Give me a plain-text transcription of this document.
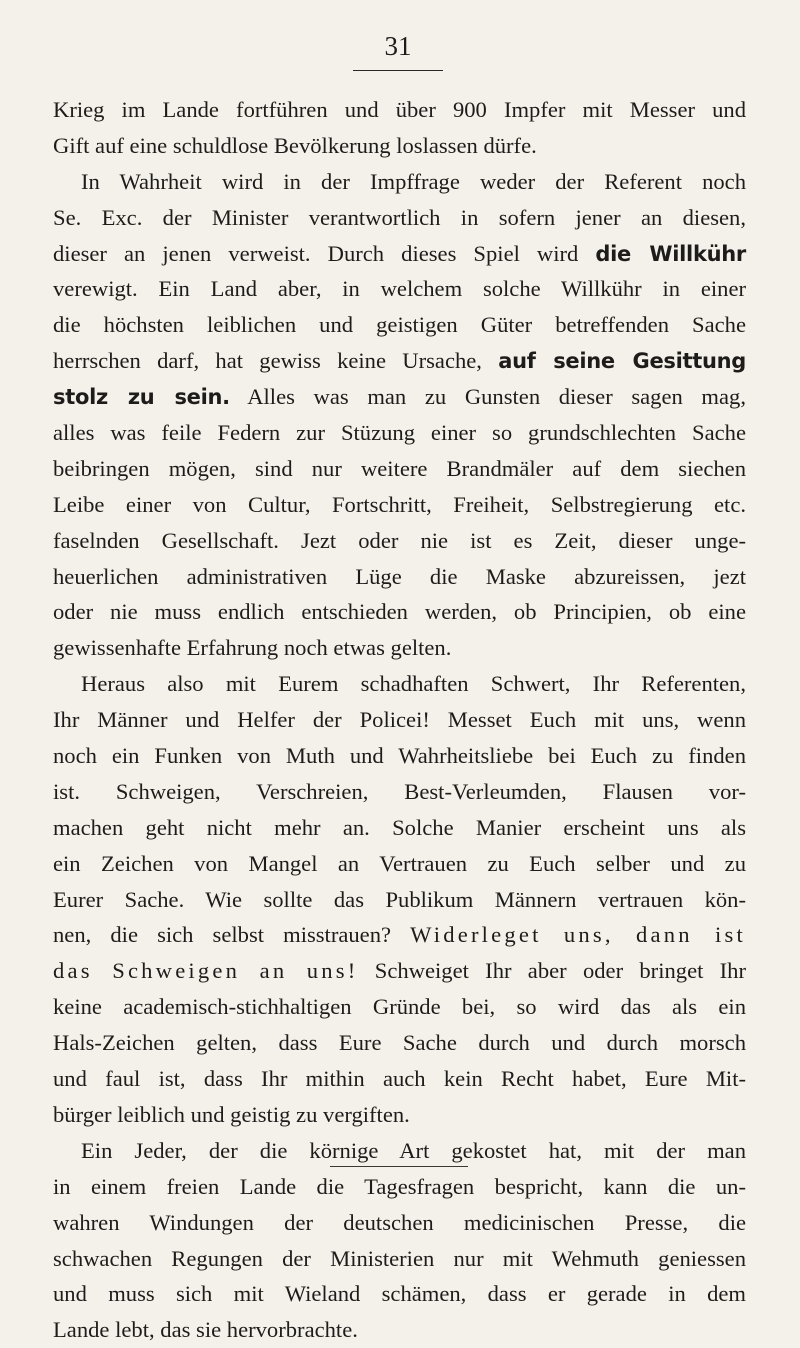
31
Krieg im Lande fortführen und über 900 Impfer mit Messer und
Gift auf eine schuldlose Bevölkerung loslassen dürfe.
In Wahrheit wird in der Impffrage weder der Referent noch
Se. Exc. der Minister verantwortlich in sofern jener an diesen,
dieser an jenen verweist. Durch dieses Spiel wird die Willkühr
verewigt. Ein Land aber, in welchem solche Willkühr in einer
die höchsten leiblichen und geistigen Güter betreffenden Sache
herrschen darf, hat gewiss keine Ursache, auf seine Gesittung
stolz zu sein. Alles was man zu Gunsten dieser sagen mag,
alles was feile Federn zur Stüzung einer so grundschlechten Sache
beibringen mögen, sind nur weitere Brandmäler auf dem siechen
Leibe einer von Cultur, Fortschritt, Freiheit, Selbstregierung etc.
faselnden Gesellschaft. Jezt oder nie ist es Zeit, dieser unge-
heuerlichen administrativen Lüge die Maske abzureissen, jezt
oder nie muss endlich entschieden werden, ob Principien, ob eine
gewissenhafte Erfahrung noch etwas gelten.
Heraus also mit Eurem schadhaften Schwert, Ihr Referenten,
Ihr Männer und Helfer der Policei! Messet Euch mit uns, wenn
noch ein Funken von Muth und Wahrheitsliebe bei Euch zu finden
ist. Schweigen, Verschreien, Best-Verleumden, Flausen vor-
machen geht nicht mehr an. Solche Manier erscheint uns als
ein Zeichen von Mangel an Vertrauen zu Euch selber und zu
Eurer Sache. Wie sollte das Publikum Männern vertrauen kön-
nen, die sich selbst misstrauen? Widerleget uns, dann ist
das Schweigen an uns! Schweiget Ihr aber oder bringet Ihr
keine academisch-stichhaltigen Gründe bei, so wird das als ein
Hals-Zeichen gelten, dass Eure Sache durch und durch morsch
und faul ist, dass Ihr mithin auch kein Recht habet, Eure Mit-
bürger leiblich und geistig zu vergiften.
Ein Jeder, der die körnige Art gekostet hat, mit der man
in einem freien Lande die Tagesfragen bespricht, kann die un-
wahren Windungen der deutschen medicinischen Presse, die
schwachen Regungen der Ministerien nur mit Wehmuth geniessen
und muss sich mit Wieland schämen, dass er gerade in dem
Lande lebt, das sie hervorbrachte.
